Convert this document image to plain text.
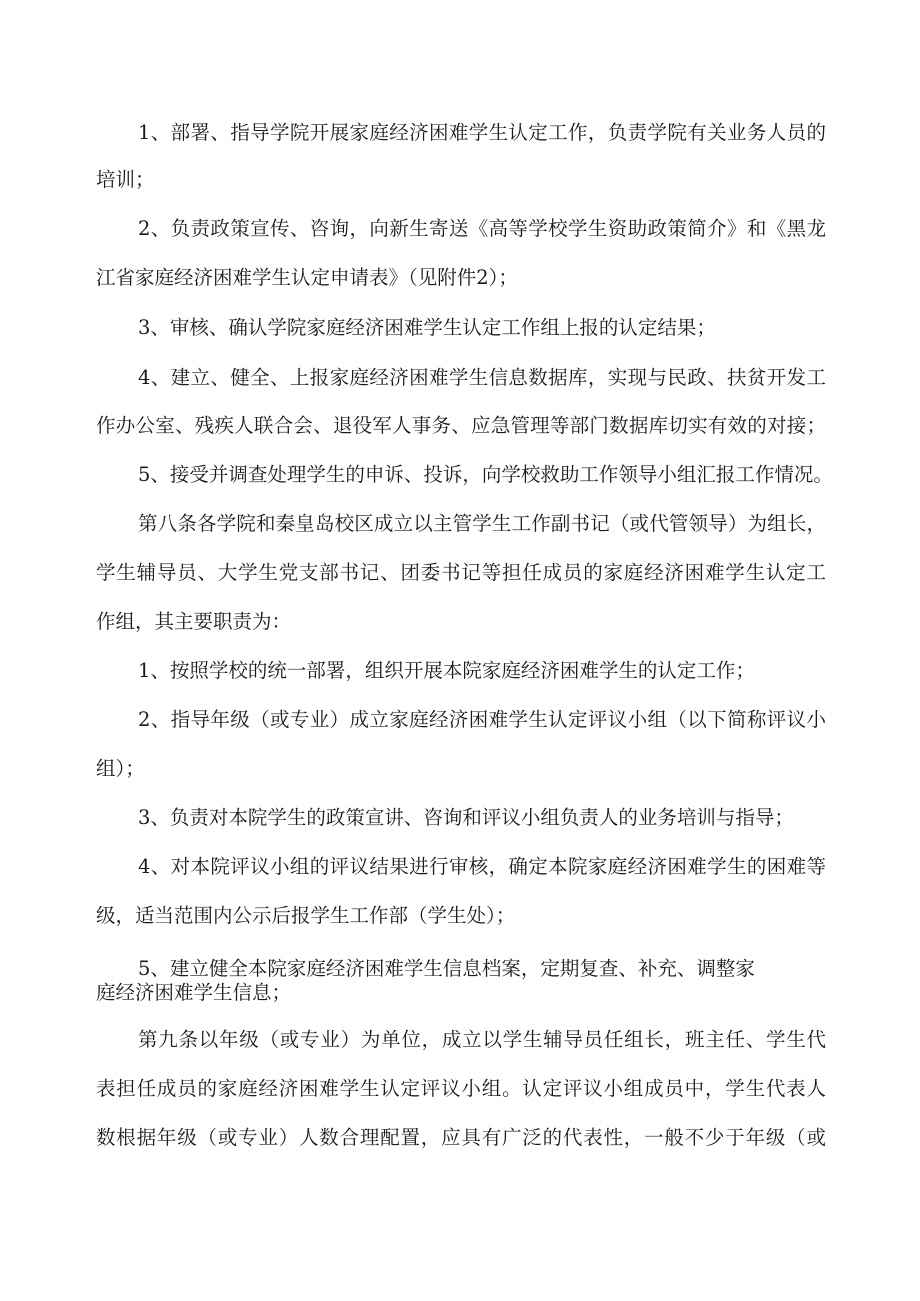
1、部署、指导学院开展家庭经济困难学生认定工作，负责学院有关业务人员的
培训；
2、负责政策宣传、咨询，向新生寄送《高等学校学生资助政策简介》和《黑龙
江省家庭经济困难学生认定申请表》（见附件2）；
3、审核、确认学院家庭经济困难学生认定工作组上报的认定结果；
4、建立、健全、上报家庭经济困难学生信息数据库，实现与民政、扶贫开发工
作办公室、残疾人联合会、退役军人事务、应急管理等部门数据库切实有效的对接；
5、接受并调查处理学生的申诉、投诉，向学校救助工作领导小组汇报工作情况。
第八条各学院和秦皇岛校区成立以主管学生工作副书记（或代管领导）为组长，
学生辅导员、大学生党支部书记、团委书记等担任成员的家庭经济困难学生认定工
作组，其主要职责为：
1、按照学校的统一部署，组织开展本院家庭经济困难学生的认定工作；
2、指导年级（或专业）成立家庭经济困难学生认定评议小组（以下简称评议小
组）；
3、负责对本院学生的政策宣讲、咨询和评议小组负责人的业务培训与指导；
4、对本院评议小组的评议结果进行审核，确定本院家庭经济困难学生的困难等
级，适当范围内公示后报学生工作部（学生处）；
5、建立健全本院家庭经济困难学生信息档案，定期复查、补充、调整家
庭经济困难学生信息；
第九条以年级（或专业）为单位，成立以学生辅导员任组长，班主任、学生代
表担任成员的家庭经济困难学生认定评议小组。认定评议小组成员中，学生代表人
数根据年级（或专业）人数合理配置，应具有广泛的代表性，一般不少于年级（或
